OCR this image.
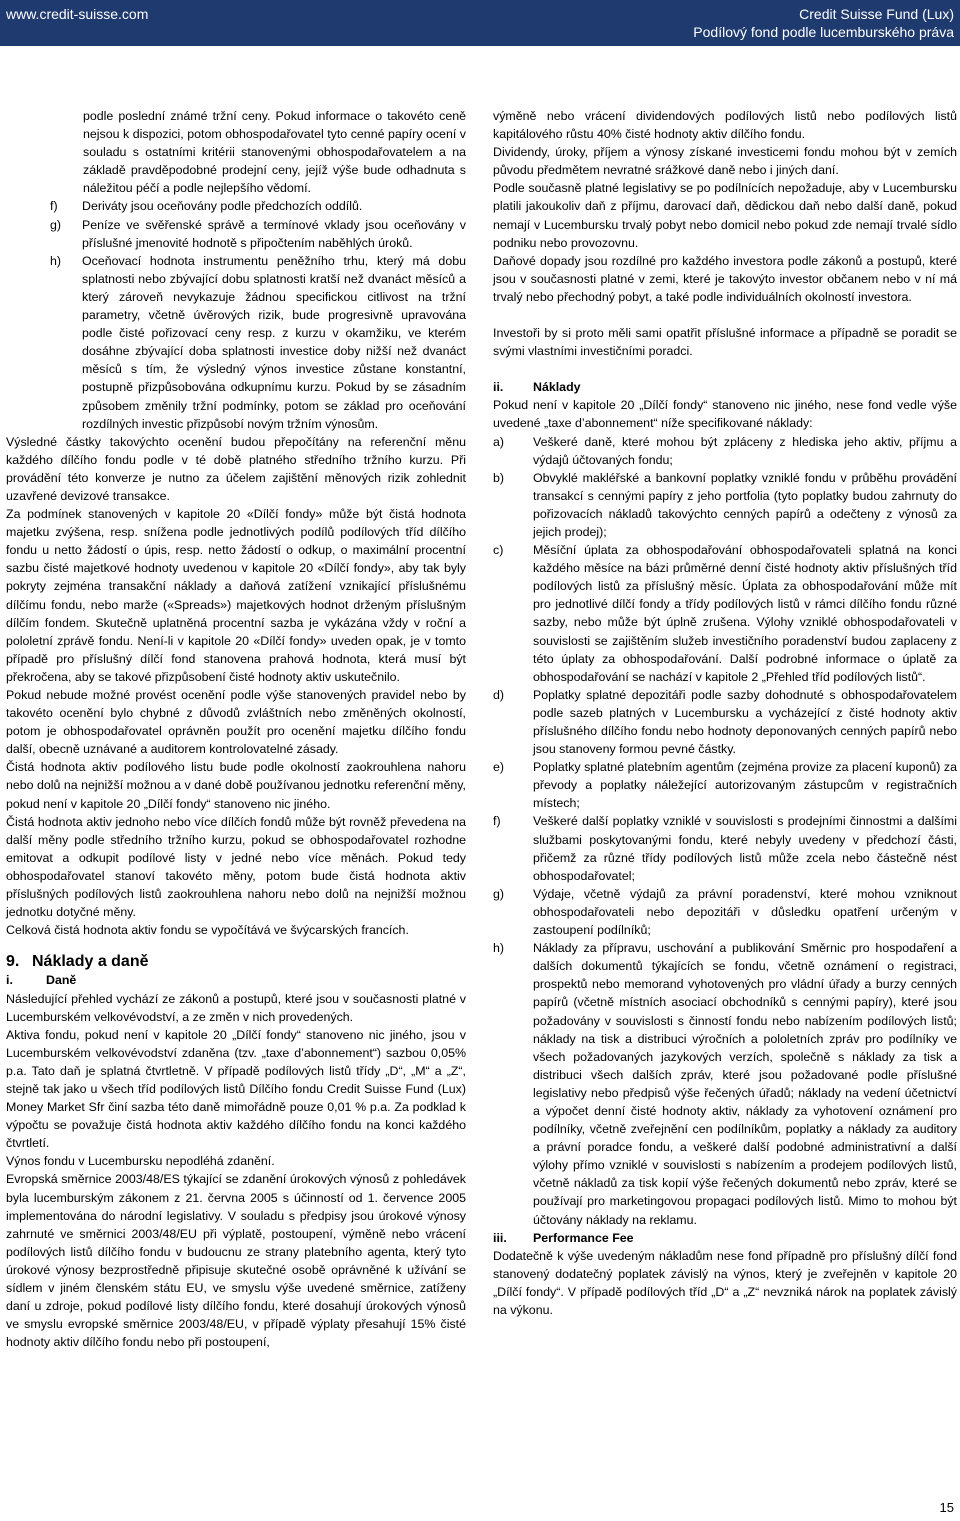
www.credit-suisse.com	Credit Suisse Fund (Lux)
Podílový fond podle lucemburského práva

podle poslední známé tržní ceny. Pokud informace o takovéto ceně nejsou k dispozici, potom obhospodařovatel tyto cenné papíry ocení v souladu s ostatními kritérii stanovenými obhospodařovatelem a na základě pravděpodobné prodejní ceny, jejíž výše bude odhadnuta s náležitou péčí a podle nejlepšího vědomí.

f)	Deriváty jsou oceňovány podle předchozích oddílů.
g)	Peníze ve svěřenské správě a termínové vklady jsou oceňovány v příslušné jmenovité hodnotě s připočtením naběhlých úroků.
h)	Oceňovací hodnota instrumentu peněžního trhu, který má dobu splatnosti nebo zbývající dobu splatnosti kratší než dvanáct měsíců a který zároveň nevykazuje žádnou specifickou citlivost na tržní parametry, včetně úvěrových rizik, bude progresivně upravována podle čisté pořizovací ceny resp. z kurzu v okamžiku, ve kterém dosáhne zbývající doba splatnosti investice doby nižší než dvanáct měsíců s tím, že výsledný výnos investice zůstane konstantní, postupně přizpůsobována odkupnímu kurzu. Pokud by se zásadním způsobem změnily tržní podmínky, potom se základ pro oceňování rozdílných investic přizpůsobí novým tržním výnosům.

Výsledné částky takovýchto ocenění budou přepočítány na referenční měnu každého dílčího fondu podle v té době platného středního tržního kurzu. Při provádění této konverze je nutno za účelem zajištění měnových rizik zohlednit uzavřené devizové transakce.

Za podmínek stanovených v kapitole 20 «Dílčí fondy» může být čistá hodnota majetku zvýšena, resp. snížena podle jednotlivých podílů podílových tříd dílčího fondu u netto žádostí o úpis, resp. netto žádostí o odkup, o maximální procentní sazbu čisté majetkové hodnoty uvedenou v kapitole 20 «Dílčí fondy», aby tak byly pokryty zejména transakční náklady a daňová zatížení vznikající příslušnému dílčímu fondu, nebo marže («Spreads») majetkových hodnot drženým příslušným dílčím fondem. Skutečně uplatněná procentní sazba je vykázána vždy v roční a pololetní zprávě fondu. Není-li v kapitole 20 «Dílčí fondy» uveden opak, je v tomto případě pro příslušný dílčí fond stanovena prahová hodnota, která musí být překročena, aby se takové přizpůsobení čisté hodnoty aktiv uskutečnilo.

Pokud nebude možné provést ocenění podle výše stanovených pravidel nebo by takovéto ocenění bylo chybné z důvodů zvláštních nebo změněných okolností, potom je obhospodařovatel oprávněn použít pro ocenění majetku dílčího fondu další, obecně uznávané a auditorem kontrolovatelné zásady.

Čistá hodnota aktiv podílového listu bude podle okolností zaokrouhlena nahoru nebo dolů na nejnižší možnou a v dané době používanou jednotku referenční měny, pokud není v kapitole 20 „Dílčí fondy“ stanoveno nic jiného.

Čistá hodnota aktiv jednoho nebo více dílčích fondů může být rovněž převedena na další měny podle středního tržního kurzu, pokud se obhospodařovatel rozhodne emitovat a odkupit podílové listy v jedné nebo více měnách. Pokud tedy obhospodařovatel stanoví takovéto měny, potom bude čistá hodnota aktiv příslušných podílových listů zaokrouhlena nahoru nebo dolů na nejnižší možnou jednotku dotyčné měny.

Celková čistá hodnota aktiv fondu se vypočítává ve švýcarských francích.

9. Náklady a daně
i.	Daně

Následující přehled vychází ze zákonů a postupů, které jsou v současnosti platné v Lucemburském velkovévodství, a ze změn v nich provedených.

Aktiva fondu, pokud není v kapitole 20 „Dílčí fondy“ stanoveno nic jiného, jsou v Lucemburském velkovévodství zdaněna (tzv. „taxe d’abonnement“) sazbou 0,05% p.a. Tato daň je splatná čtvrtletně. V případě podílových listů třídy „D“, „M“ a „Z“, stejně tak jako u všech tříd podílových listů Dílčího fondu Credit Suisse Fund (Lux) Money Market Sfr činí sazba této daně mimořádně pouze 0,01 % p.a. Za podklad k výpočtu se považuje čistá hodnota aktiv každého dílčího fondu na konci každého čtvrtletí.

Výnos fondu v Lucembursku nepodléhá zdanění.

Evropská směrnice 2003/48/ES týkající se zdanění úrokových výnosů z pohledávek byla lucemburským zákonem z 21. června 2005 s účinností od 1. července 2005 implementována do národní legislativy. V souladu s předpisy jsou úrokové výnosy zahrnuté ve směrnici 2003/48/EU při výplatě, postoupení, výměně nebo vrácení podílových listů dílčího fondu v budoucnu ze strany platebního agenta, který tyto úrokové výnosy bezprostředně připisuje skutečné osobě oprávněné k užívání se sídlem v jiném členském státu EU, ve smyslu výše uvedené směrnice, zatíženy daní u zdroje, pokud podílové listy dílčího fondu, které dosahují úrokových výnosů ve smyslu evropské směrnice 2003/48/EU, v případě výplaty přesahují 15% čisté hodnoty aktiv dílčího fondu nebo při postoupení,

výměně nebo vrácení dividendových podílových listů nebo podílových listů kapitálového růstu 40% čisté hodnoty aktiv dílčího fondu.

Dividendy, úroky, příjem a výnosy získané investicemi fondu mohou být v zemích původu předmětem nevratné srážkové daně nebo i jiných daní.

Podle současně platné legislativy se po podílnících nepožaduje, aby v Lucembursku platili jakoukoliv daň z příjmu, darovací daň, dědickou daň nebo další daně, pokud nemají v Lucembursku trvalý pobyt nebo domicil nebo pokud zde nemají trvalé sídlo podniku nebo provozovnu.

Daňové dopady jsou rozdílné pro každého investora podle zákonů a postupů, které jsou v současnosti platné v zemi, které je takovýto investor občanem nebo v ní má trvalý nebo přechodný pobyt, a také podle individuálních okolností investora.

Investoři by si proto měli sami opatřit příslušné informace a případně se poradit se svými vlastními investičními poradci.

ii.	Náklady

Pokud není v kapitole 20 „Dílčí fondy“ stanoveno nic jiného, nese fond vedle výše uvedené „taxe d’abonnement“ níže specifikované náklady:

a)	Veškeré daně, které mohou být zpláceny z hlediska jeho aktiv, příjmu a výdajů účtovaných fondu;
b)	Obvyklé makléřské a bankovní poplatky vzniklé fondu v průběhu provádění transakcí s cennými papíry z jeho portfolia (tyto poplatky budou zahrnuty do pořizovacích nákladů takovýchto cenných papírů a odečteny z výnosů za jejich prodej);
c)	Měsíční úplata za obhospodařování obhospodařovateli splatná na konci každého měsíce na bázi průměrné denní čisté hodnoty aktiv příslušných tříd podílových listů za příslušný měsíc. Úplata za obhospodařování může mít pro jednotlivé dílčí fondy a třídy podílových listů v rámci dílčího fondu různé sazby, nebo může být úplně zrušena. Výlohy vzniklé obhospodařovateli v souvislosti se zajištěním služeb investičního poradenství budou zaplaceny z této úplaty za obhospodařování. Další podrobné informace o úplatě za obhospodařování se nachází v kapitole 2 „Přehled tříd podílových listů“.
d)	Poplatky splatné depozitáři podle sazby dohodnuté s obhospodařovatelem podle sazeb platných v Lucembursku a vycházející z čisté hodnoty aktiv příslušného dílčího fondu nebo hodnoty deponovaných cenných papírů nebo jsou stanoveny formou pevné částky.
e)	Poplatky splatné platebním agentům (zejména provize za placení kuponů) za převody a poplatky náležející autorizovaným zástupcům v registračních místech;
f)	Veškeré další poplatky vzniklé v souvislosti s prodejními činnostmi a dalšími službami poskytovanými fondu, které nebyly uvedeny v předchozí části, přičemž za různé třídy podílových listů může zcela nebo částečně nést obhospodařovatel;
g)	Výdaje, včetně výdajů za právní poradenství, které mohou vzniknout obhospodařovateli nebo depozitáři v důsledku opatření určeným v zastoupení podílníků;
h)	Náklady za přípravu, uschování a publikování Směrnic pro hospodaření a dalších dokumentů týkajících se fondu, včetně oznámení o registraci, prospektů nebo memorand vyhotovených pro vládní úřady a burzy cenných papírů (včetně místních asociací obchodníků s cennými papíry), které jsou požadovány v souvislosti s činností fondu nebo nabízením podílových listů; náklady na tisk a distribuci výročních a pololetních zpráv pro podílníky ve všech požadovaných jazykových verzích, společně s náklady za tisk a distribuci všech dalších zpráv, které jsou požadované podle příslušné legislativy nebo předpisů výše řečených úřadů; náklady na vedení účetnictví a výpočet denní čisté hodnoty aktiv, náklady za vyhotovení oznámení pro podílníky, včetně zveřejnění cen podílníkům, poplatky a náklady za auditory a právní poradce fondu, a veškeré další podobné administrativní a další výlohy přímo vzniklé v souvislosti s nabízením a prodejem podílových listů, včetně nákladů za tisk kopií výše řečených dokumentů nebo zpráv, které se používají pro marketingovou propagaci podílových listů. Mimo to mohou být účtovány náklady na reklamu.
iii.	Performance Fee

Dodatečně k výše uvedeným nákladům nese fond případně pro příslušný dílčí fond stanovený dodatečný poplatek závislý na výnos, který je zveřejněn v kapitole 20 „Dílčí fondy“. V případě podílových tříd „D“ a „Z“ nevzniká nárok na poplatek závislý na výkonu.

15
